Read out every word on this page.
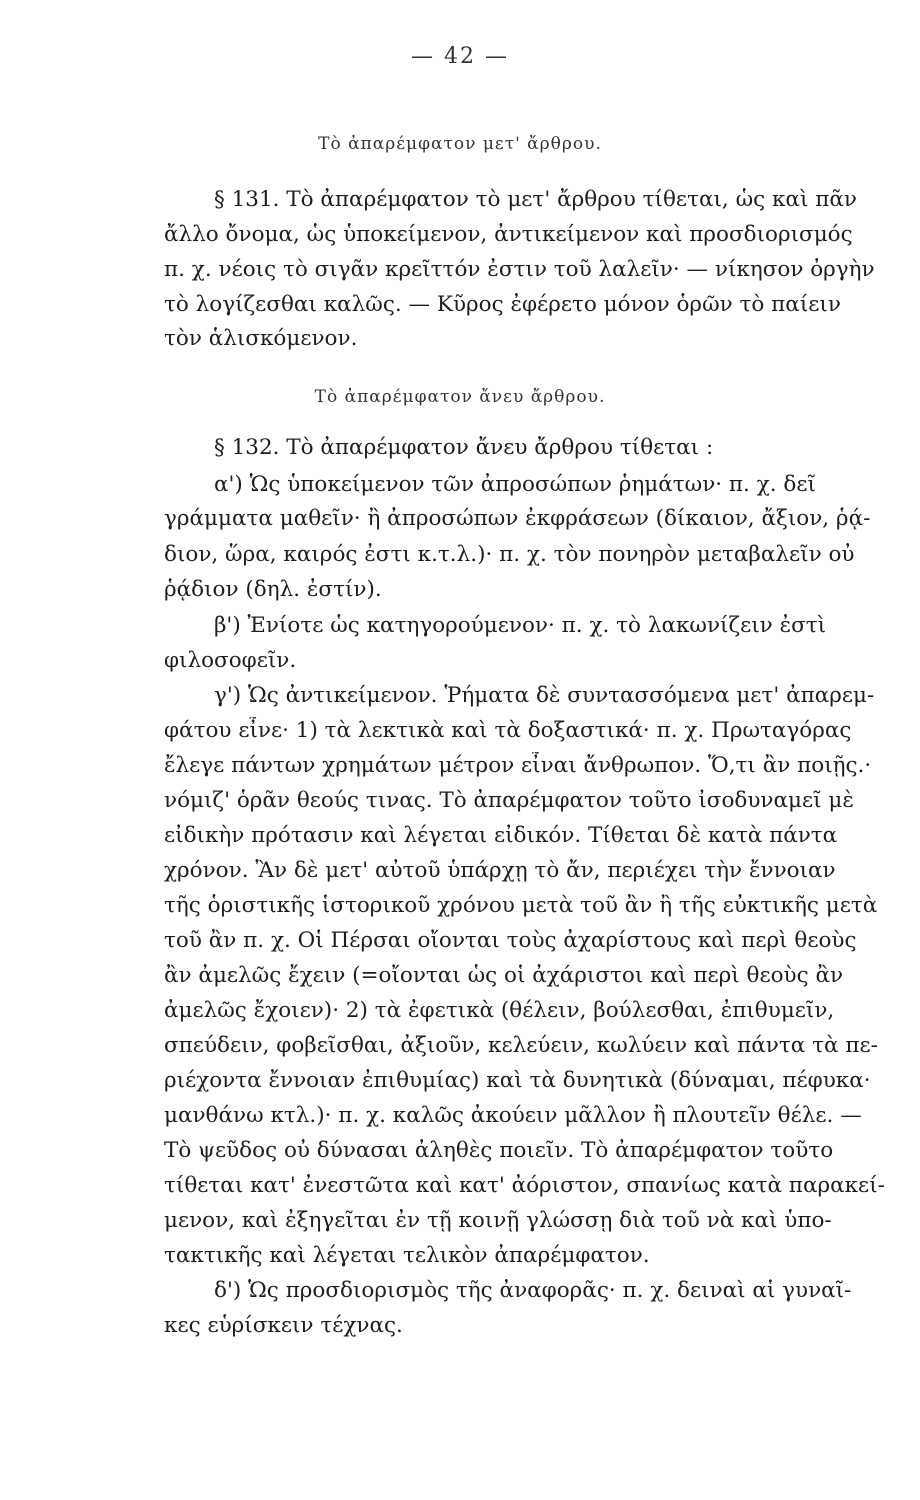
— 42 —
Τὸ ἀπαρέμφατον μετ' ἄρθρου.
§ 131. Τὸ ἀπαρέμφατον τὸ μετ' ἄρθρου τίθεται, ὡς καὶ πᾶν
ἄλλο ὄνομα, ὡς ὑποκείμενον, ἀντικείμενον καὶ προσδιορισμός
π. χ. νέοις τὸ σιγᾶν κρεῖττόν ἐστιν τοῦ λαλεῖν· — νίκησον ὀργὴν
τὸ λογίζεσθαι καλῶς. — Κῦρος ἐφέρετο μόνον ὁρῶν τὸ παίειν
τὸν ἁλισκόμενον.
Τὸ ἀπαρέμφατον ἄνευ ἄρθρου.
§ 132. Τὸ ἀπαρέμφατον ἄνευ ἄρθρου τίθεται :
α') Ὡς ὑποκείμενον τῶν ἀπροσώπων ῥημάτων· π. χ. δεῖ
γράμματα μαθεῖν· ἢ ἀπροσώπων ἐκφράσεων (δίκαιον, ἄξιον, ῥᾴ-
διον, ὥρα, καιρός ἐστι κ.τ.λ.)· π. χ. τὸν πονηρὸν μεταβαλεῖν οὐ
ῥᾴδιον (δηλ. ἐστίν).
β') Ἐνίοτε ὡς κατηγορούμενον· π. χ. τὸ λακωνίζειν ἐστὶ
φιλοσοφεῖν.
γ') Ὡς ἀντικείμενον. Ῥήματα δὲ συντασσόμενα μετ' ἀπαρεμ-
φάτου εἶνε· 1) τὰ λεκτικὰ καὶ τὰ δοξαστικά· π. χ. Πρωταγόρας
ἔλεγε πάντων χρημάτων μέτρον εἶναι ἄνθρωπον. Ὅ,τι ἂν ποιῇς.·
νόμιζ' ὁρᾶν θεούς τινας. Τὸ ἀπαρέμφατον τοῦτο ἰσοδυναμεῖ μὲ
εἰδικὴν πρότασιν καὶ λέγεται εἰδικόν. Τίθεται δὲ κατὰ πάντα
χρόνον. Ἂν δὲ μετ' αὐτοῦ ὑπάρχῃ τὸ ἄν, περιέχει τὴν ἔννοιαν
τῆς ὁριστικῆς ἱστορικοῦ χρόνου μετὰ τοῦ ἂν ἢ τῆς εὐκτικῆς μετὰ
τοῦ ἂν π. χ. Οἱ Πέρσαι οἴονται τοὺς ἀχαρίστους καὶ περὶ θεοὺς
ἂν ἀμελῶς ἔχειν (=οἴονται ὡς οἱ ἀχάριστοι καὶ περὶ θεοὺς ἂν
ἀμελῶς ἔχοιεν)· 2) τὰ ἐφετικὰ (θέλειν, βούλεσθαι, ἐπιθυμεῖν,
σπεύδειν, φοβεῖσθαι, ἀξιοῦν, κελεύειν, κωλύειν καὶ πάντα τὰ πε-
ριέχοντα ἔννοιαν ἐπιθυμίας) καὶ τὰ δυνητικὰ (δύναμαι, πέφυκα·
μανθάνω κτλ.)· π. χ. καλῶς ἀκούειν μᾶλλον ἢ πλουτεῖν θέλε. —
Τὸ ψεῦδος οὐ δύνασαι ἀληθὲς ποιεῖν. Τὸ ἀπαρέμφατον τοῦτο
τίθεται κατ' ἐνεστῶτα καὶ κατ' ἀόριστον, σπανίως κατὰ παρακεί-
μενον, καὶ ἐξηγεῖται ἐν τῇ κοινῇ γλώσσῃ διὰ τοῦ νὰ καὶ ὑπο-
τακτικῆς καὶ λέγεται τελικὸν ἀπαρέμφατον.
δ') Ὡς προσδιορισμὸς τῆς ἀναφορᾶς· π. χ. δειναὶ αἱ γυναῖ-
κες εὑρίσκειν τέχνας.
